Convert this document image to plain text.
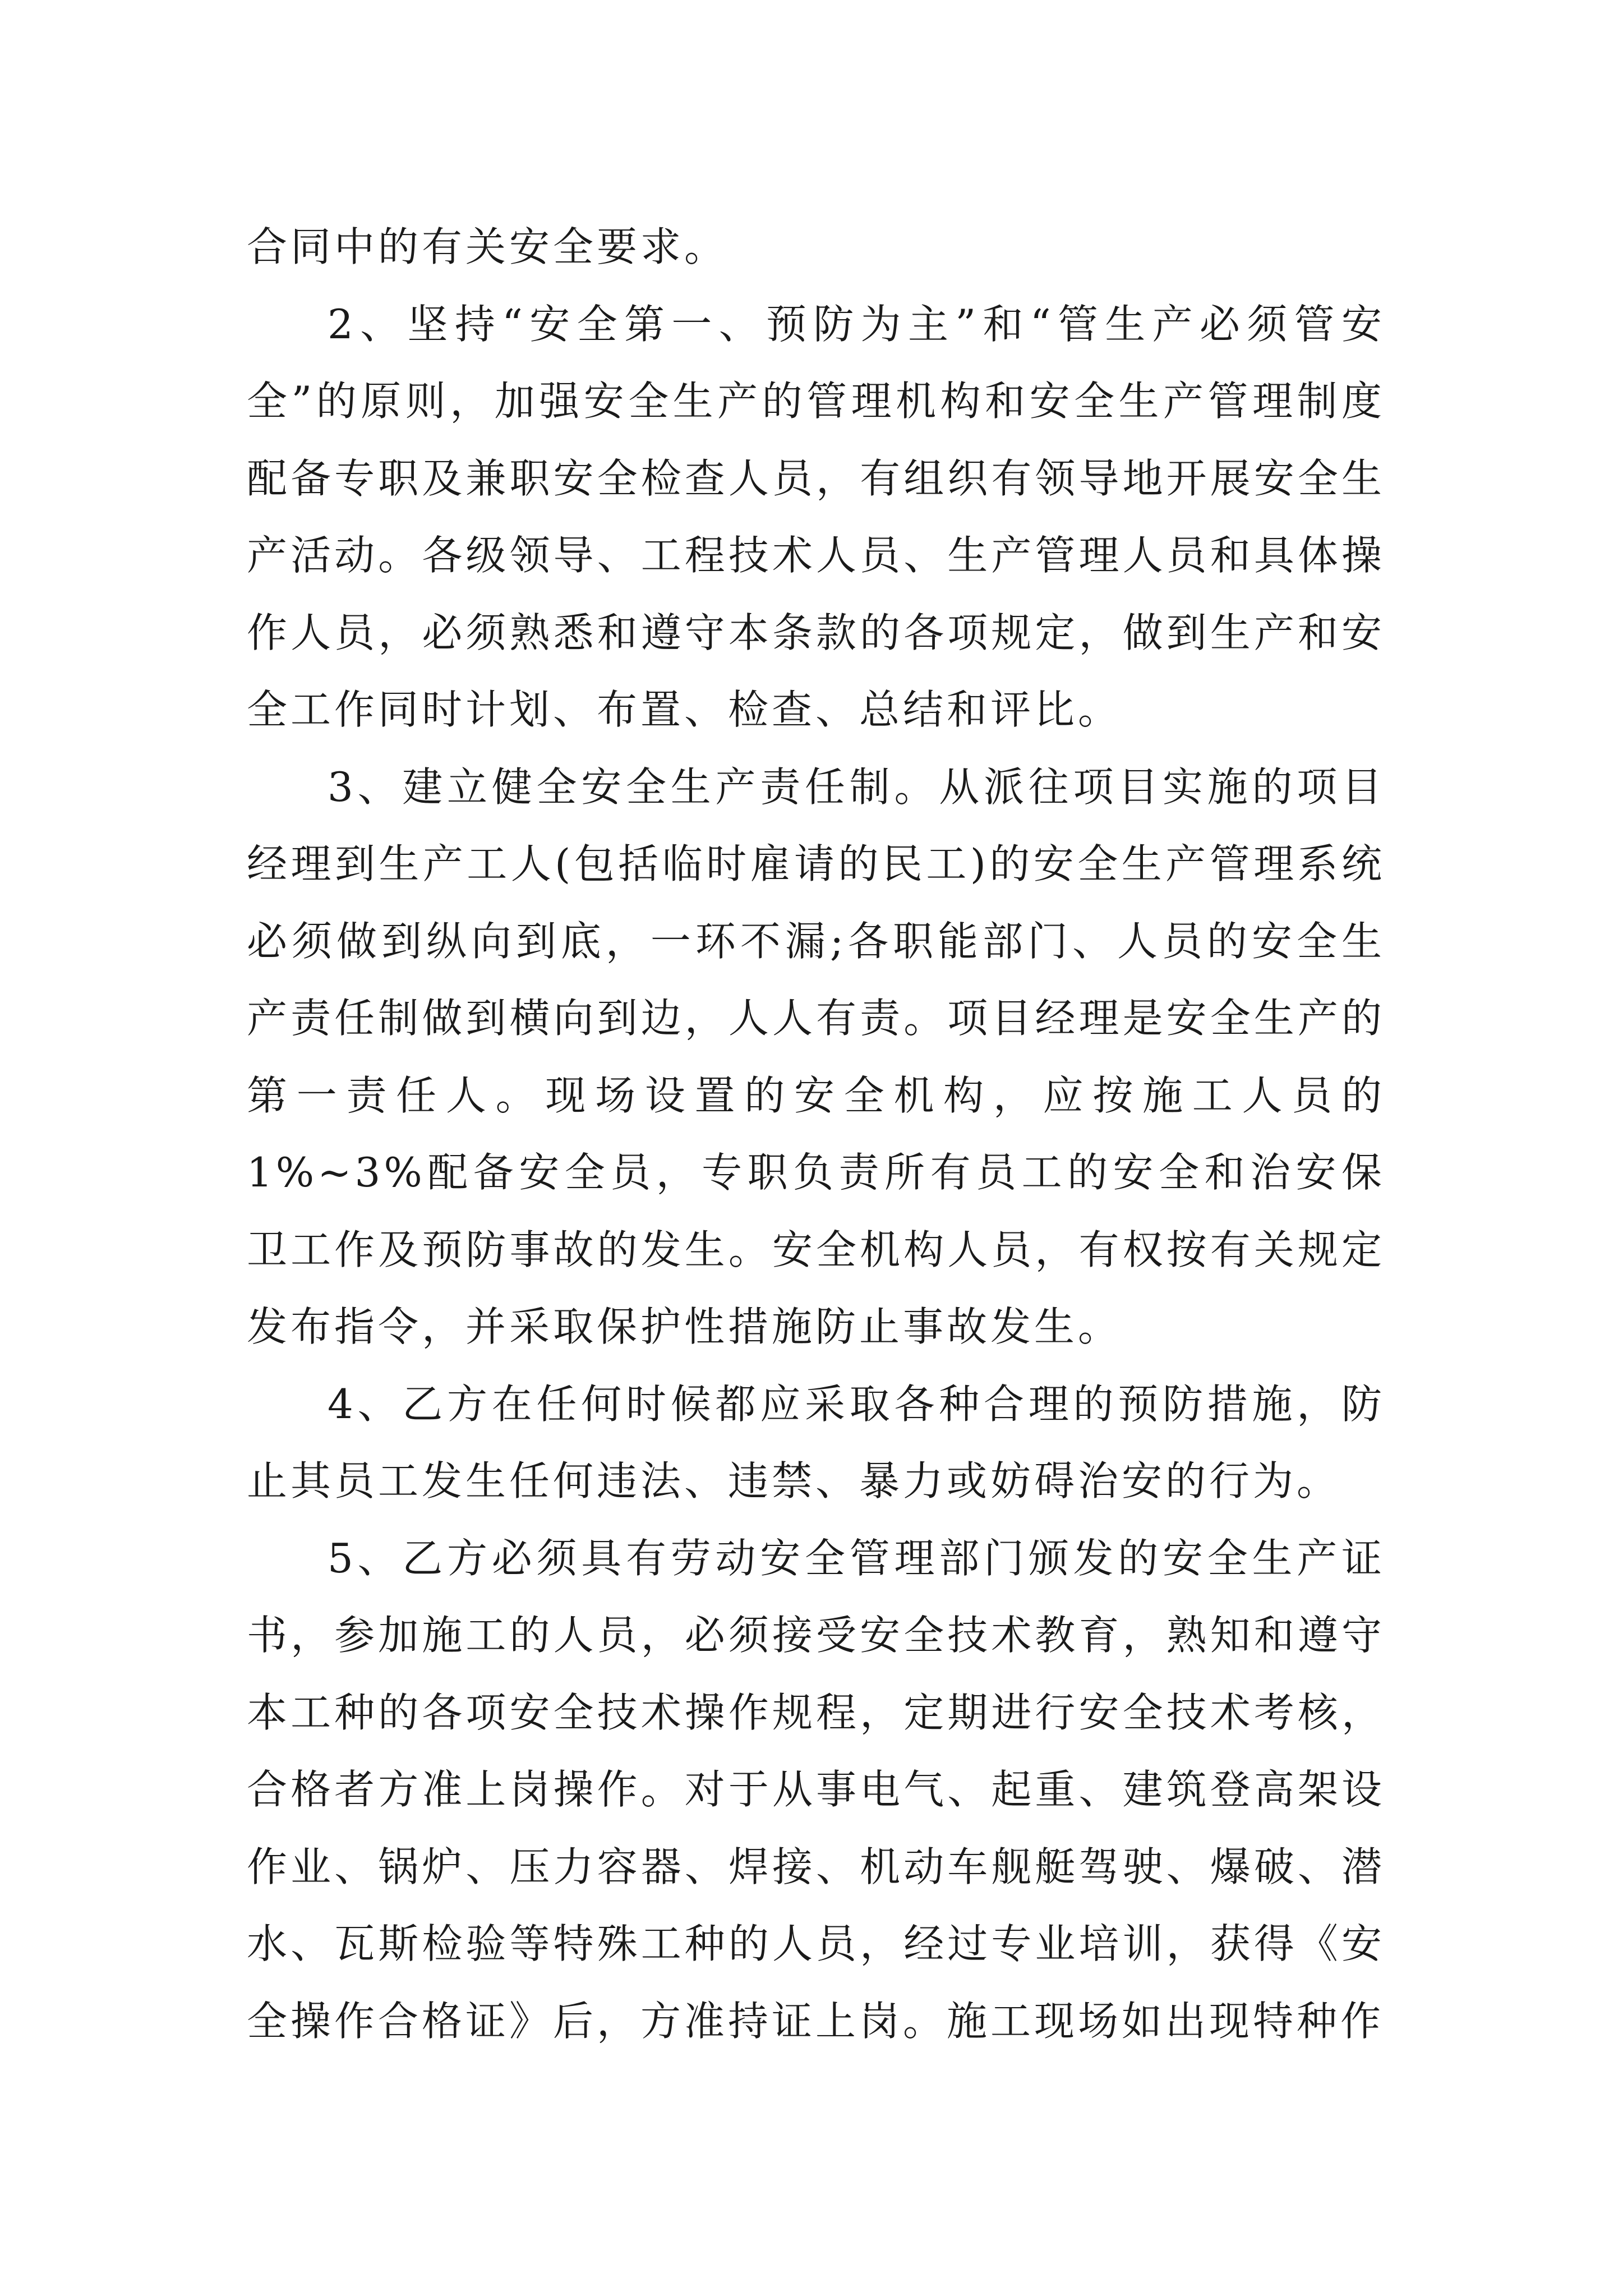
合同中的有关安全要求。

2、坚持“安全第一、预防为主”和“管生产必须管安全”的原则，加强安全生产的管理机构和安全生产管理制度配备专职及兼职安全检查人员，有组织有领导地开展安全生产活动。各级领导、工程技术人员、生产管理人员和具体操作人员，必须熟悉和遵守本条款的各项规定，做到生产和安全工作同时计划、布置、检查、总结和评比。

3、建立健全安全生产责任制。从派往项目实施的项目经理到生产工人(包括临时雇请的民工)的安全生产管理系统必须做到纵向到底，一环不漏;各职能部门、人员的安全生产责任制做到横向到边，人人有责。项目经理是安全生产的第一责任人。现场设置的安全机构，应按施工人员的1%~3%配备安全员，专职负责所有员工的安全和治安保卫工作及预防事故的发生。安全机构人员，有权按有关规定发布指令，并采取保护性措施防止事故发生。

4、乙方在任何时候都应采取各种合理的预防措施，防止其员工发生任何违法、违禁、暴力或妨碍治安的行为。

5、乙方必须具有劳动安全管理部门颁发的安全生产证书，参加施工的人员，必须接受安全技术教育，熟知和遵守本工种的各项安全技术操作规程，定期进行安全技术考核，合格者方准上岗操作。对于从事电气、起重、建筑登高架设作业、锅炉、压力容器、焊接、机动车舰艇驾驶、爆破、潜水、瓦斯检验等特殊工种的人员，经过专业培训，获得《安全操作合格证》后，方准持证上岗。施工现场如出现特种作
